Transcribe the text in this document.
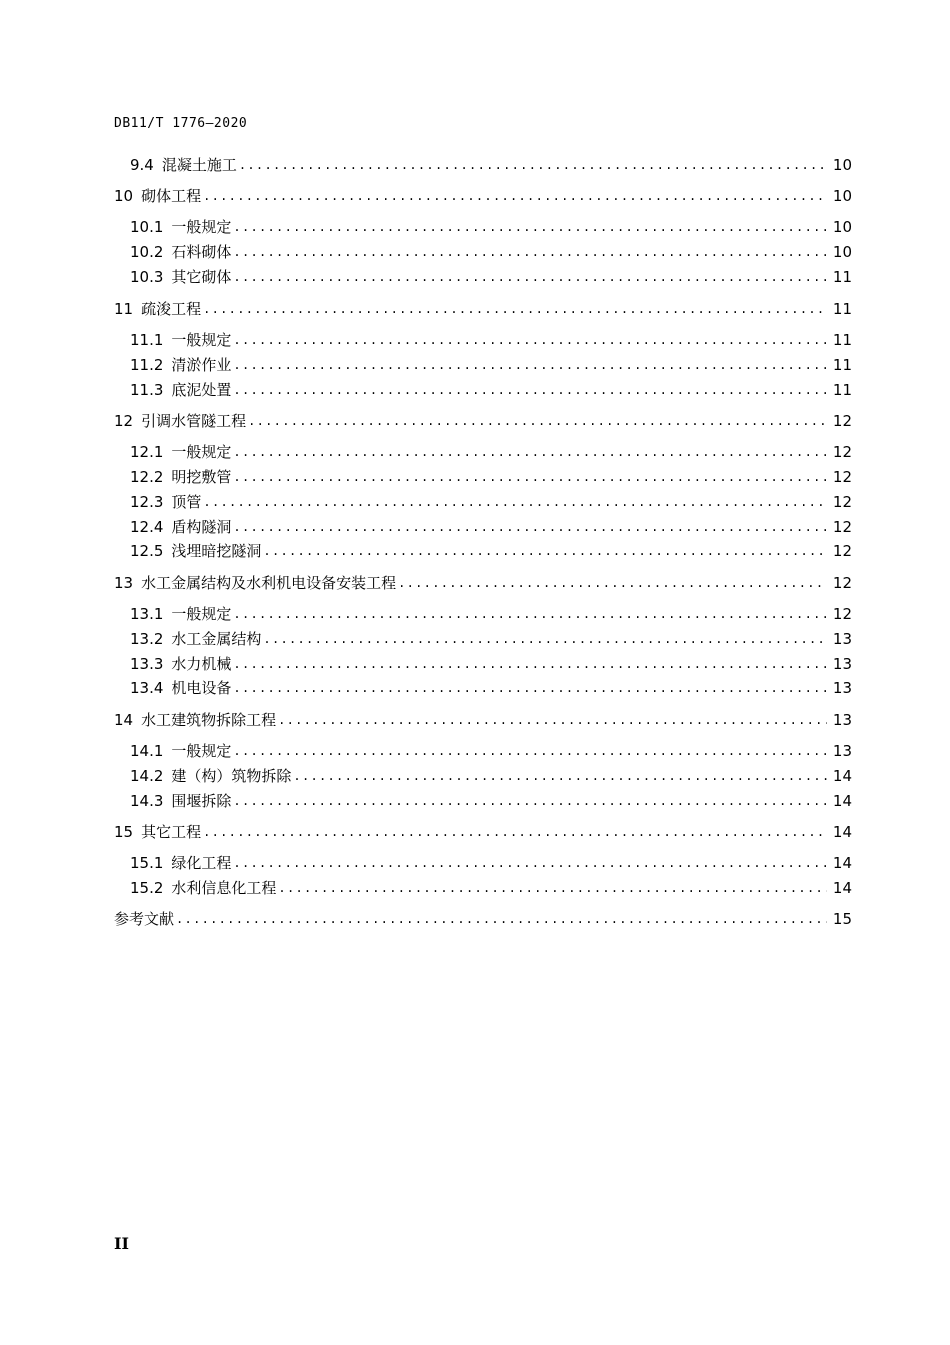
DB11/T 1776—2020
9.4 混凝土施工 .....	10
10 砌体工程 .....	10
10.1 一般规定 .....	10
10.2 石料砌体 .....	10
10.3 其它砌体 .....	11
11 疏浚工程 .....	11
11.1 一般规定 .....	11
11.2 清淤作业 .....	11
11.3 底泥处置 .....	11
12 引调水管隧工程 .....	12
12.1 一般规定 .....	12
12.2 明挖敷管 .....	12
12.3 顶管 .....	12
12.4 盾构隧洞 .....	12
12.5 浅埋暗挖隧洞 .....	12
13 水工金属结构及水利机电设备安装工程 .....	12
13.1 一般规定 .....	12
13.2 水工金属结构 .....	13
13.3 水力机械 .....	13
13.4 机电设备 .....	13
14 水工建筑物拆除工程 .....	13
14.1 一般规定 .....	13
14.2 建（构）筑物拆除 .....	14
14.3 围堰拆除 .....	14
15 其它工程 .....	14
15.1 绿化工程 .....	14
15.2 水利信息化工程 .....	14
参考文献 .....	15
II
